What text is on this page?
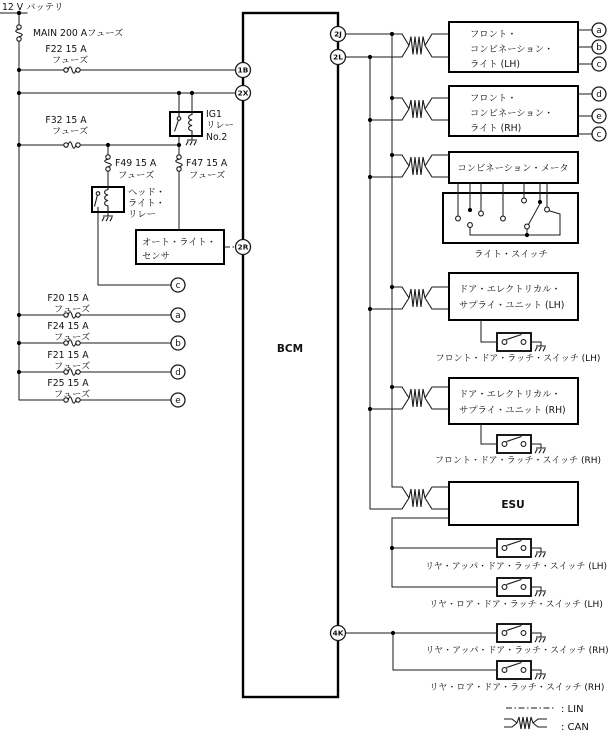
12 V バッテリ
MAIN 200 Aフューズ
F22 15 A
フューズ
IG1
リレー
No.2
F32 15 A
フューズ
F49 15 A
フューズ
F47 15 A
フューズ
ヘッド・
ライト・
リレー
オート・ライト・
センサ
BCM
F20 15 A
フューズ
F24 15 A
フューズ
F21 15 A
フューズ
F25 15 A
フューズ
1B
2X
2R
2J
2L
4K
c
a
b
d
e
フロント・
コンビネーション・
ライト (LH)
フロント・
コンビネーション・
ライト (RH)
a
b
c
d
e
c
コンビネーション・メータ
ライト・スイッチ
ドア・エレクトリカル・
サプライ・ユニット (LH)
フロント・ドア・ラッチ・スイッチ (LH)
ドア・エレクトリカル・
サプライ・ユニット (RH)
フロント・ドア・ラッチ・スイッチ (RH)
ESU
リヤ・アッパ・ドア・ラッチ・スイッチ (LH)
リヤ・ロア・ドア・ラッチ・スイッチ (LH)
リヤ・アッパ・ドア・ラッチ・スイッチ (RH)
リヤ・ロア・ドア・ラッチ・スイッチ (RH)
: LIN
: CAN
